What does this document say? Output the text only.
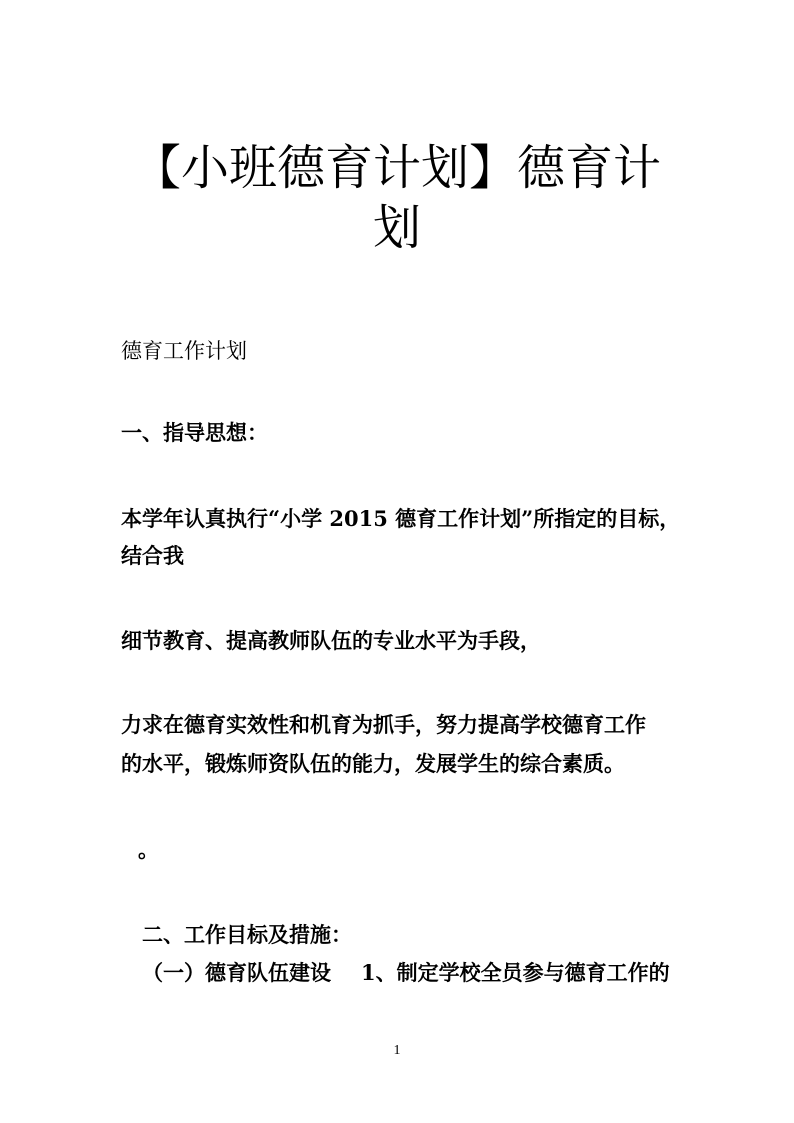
【小班德育计划】德育计
划

德育工作计划

一、指导思想：

本学年认真执行“小学 2015 德育工作计划”所指定的目标，

结合我

细节教育、提高教师队伍的专业水平为手段，

力求在德育实效性和机育为抓手，努力提高学校德育工作

的水平，锻炼师资队伍的能力，发展学生的综合素质。

。

二、工作目标及措施：

（一）德育队伍建设 1、制定学校全员参与德育工作的

1
